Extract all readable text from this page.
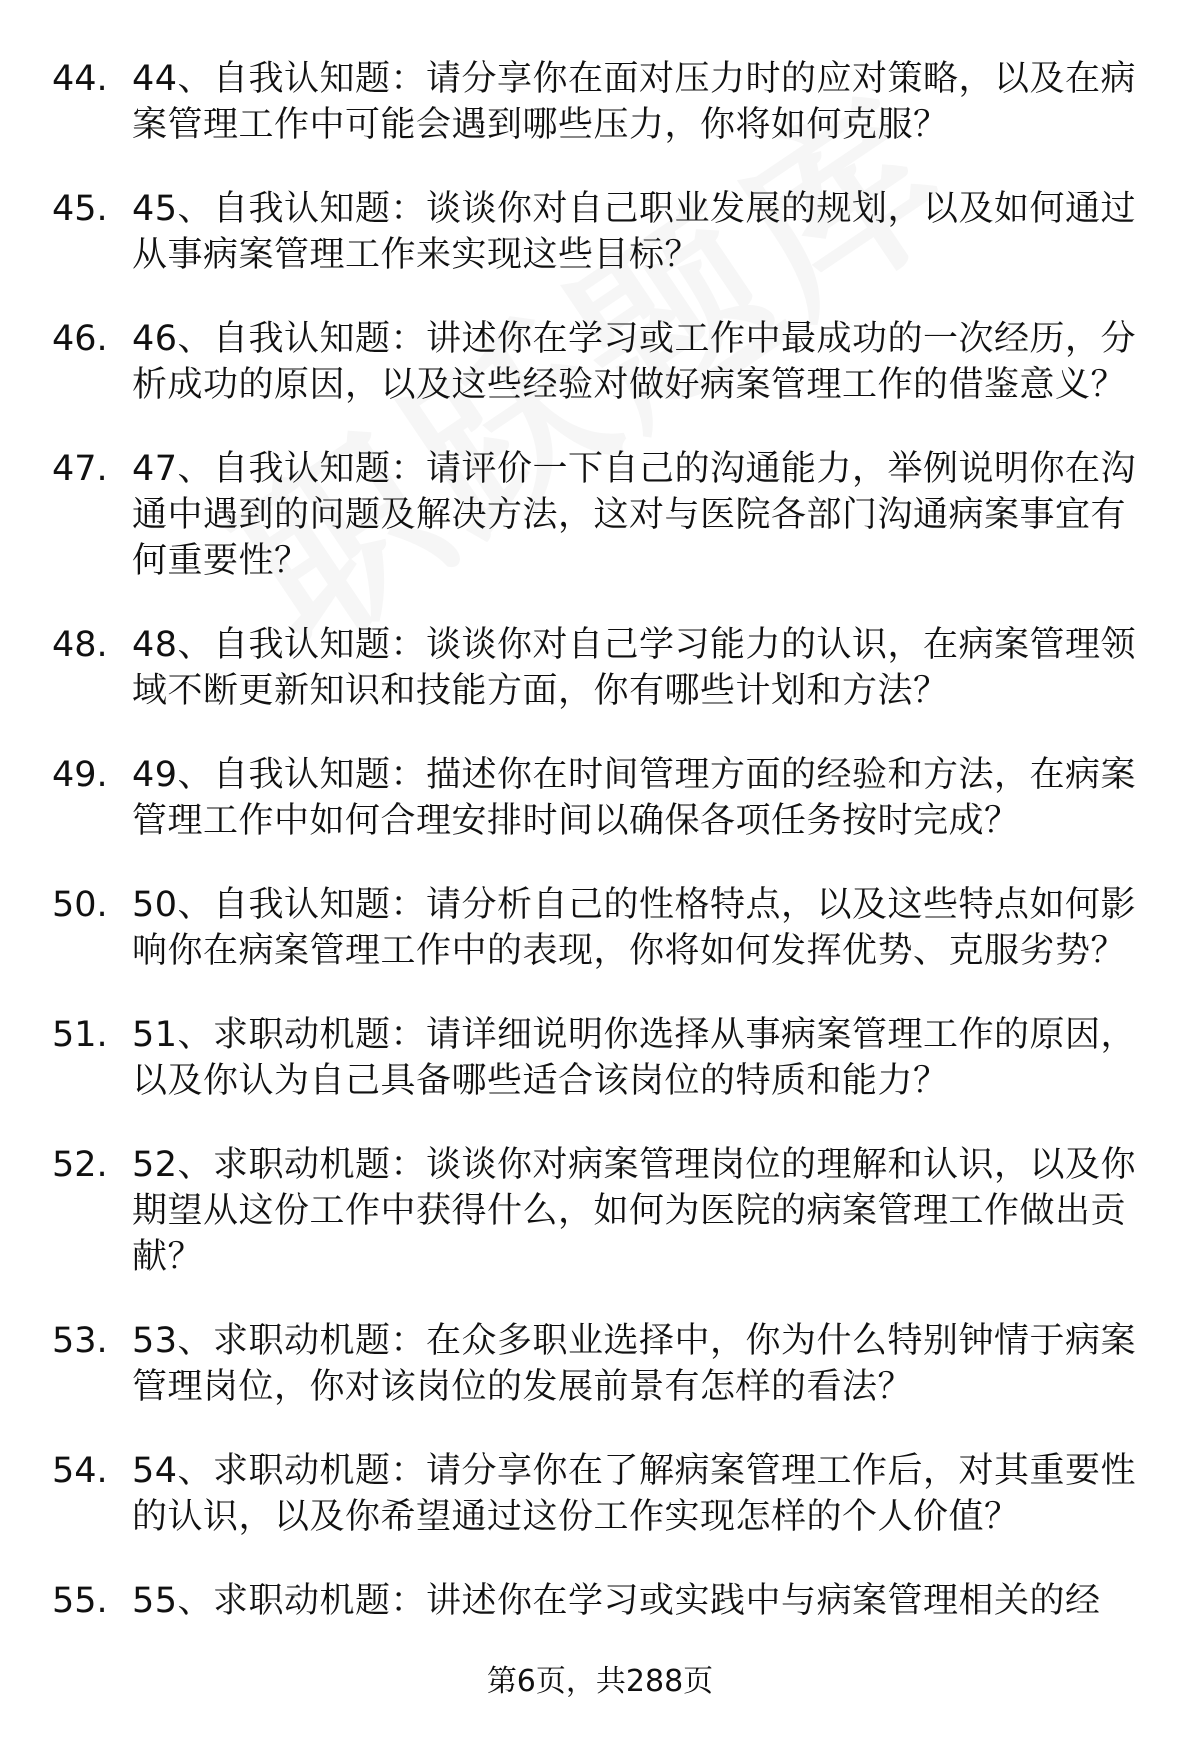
44. 44、自我认知题：请分享你在面对压力时的应对策略，以及在病案管理工作中可能会遇到哪些压力，你将如何克服？
45. 45、自我认知题：谈谈你对自己职业发展的规划，以及如何通过从事病案管理工作来实现这些目标？
46. 46、自我认知题：讲述你在学习或工作中最成功的一次经历，分析成功的原因，以及这些经验对做好病案管理工作的借鉴意义？
47. 47、自我认知题：请评价一下自己的沟通能力，举例说明你在沟通中遇到的问题及解决方法，这对与医院各部门沟通病案事宜有何重要性？
48. 48、自我认知题：谈谈你对自己学习能力的认识，在病案管理领域不断更新知识和技能方面，你有哪些计划和方法？
49. 49、自我认知题：描述你在时间管理方面的经验和方法，在病案管理工作中如何合理安排时间以确保各项任务按时完成？
50. 50、自我认知题：请分析自己的性格特点，以及这些特点如何影响你在病案管理工作中的表现，你将如何发挥优势、克服劣势？
51. 51、求职动机题：请详细说明你选择从事病案管理工作的原因，以及你认为自己具备哪些适合该岗位的特质和能力？
52. 52、求职动机题：谈谈你对病案管理岗位的理解和认识，以及你期望从这份工作中获得什么，如何为医院的病案管理工作做出贡献？
53. 53、求职动机题：在众多职业选择中，你为什么特别钟情于病案管理岗位，你对该岗位的发展前景有怎样的看法？
54. 54、求职动机题：请分享你在了解病案管理工作后，对其重要性的认识，以及你希望通过这份工作实现怎样的个人价值？
55. 55、求职动机题：讲述你在学习或实践中与病案管理相关的经
第6页，共288页
